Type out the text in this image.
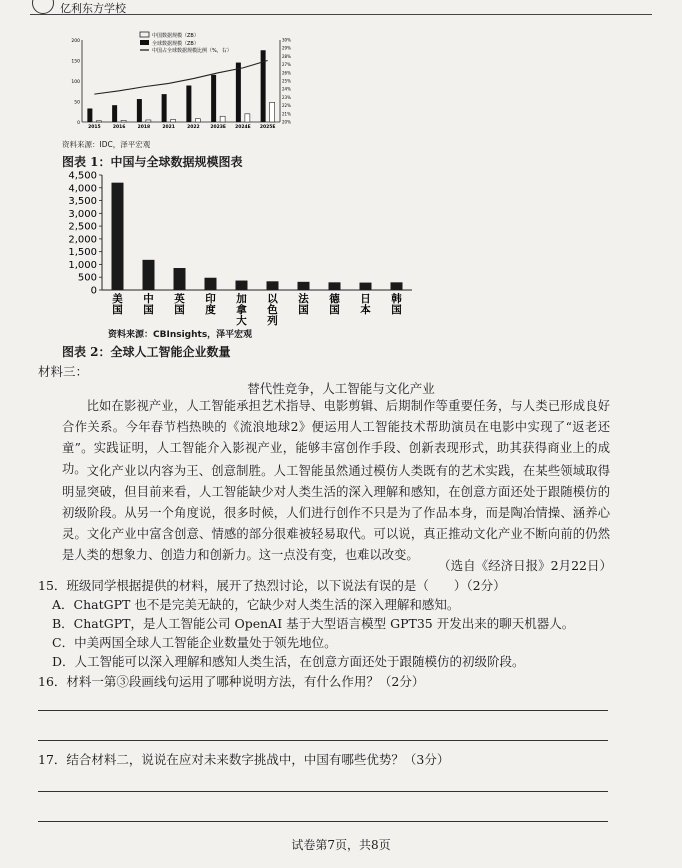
亿利东方学校
中国数据规模（ZB）
全球数据规模（ZB）
中国占全球数据规模比例（%，右）
200
150
100
50
0
30%
29%
28%
27%
26%
25%
24%
23%
22%
21%
20%
2015	2016	2018	2021	2022 2023E 2024E 2025E
资料来源：IDC，泽平宏观
图表 1：中国与全球数据规模图表
4,500
4,000
3,500
3,000
2,500
2,000
1,500
1,000
500
0
美国
中国
英国
印度
加拿大
以色列
法国
德国
日本
韩国
资料来源：CBInsights，泽平宏观
图表 2：全球人工智能企业数量
材料三：
替代性竞争，人工智能与文化产业
比如在影视产业，人工智能承担艺术指导、电影剪辑、后期制作等重要任务，与人类已形成良好合作关系。今年春节档热映的《流浪地球2》便运用人工智能技术帮助演员在电影中实现了“返老还童”。实践证明，人工智能介入影视产业，能够丰富创作手段、创新表现形式，助其获得商业上的成功。 文化产业以内容为王、创意制胜。人工智能虽然通过模仿人类既有的艺术实践，在某些领域取得明显突破，但目前来看，人工智能缺少对人类生活的深入理解和感知，在创意方面还处于跟随模仿的初级阶段。从另一个角度说，很多时候，人们进行创作不只是为了作品本身，而是陶冶情操、涵养心灵。文化产业中富含创意、情感的部分很难被轻易取代。可以说，真正推动文化产业不断向前的仍然是人类的想象力、创造力和创新力。这一点没有变，也难以改变。
（选自《经济日报》2月22日）
15．班级同学根据提供的材料，展开了热烈讨论，以下说法有误的是（　　）（2分）
A．ChatGPT 也不是完美无缺的，它缺少对人类生活的深入理解和感知。
B．ChatGPT，是人工智能公司 OpenAI 基于大型语言模型 GPT35 开发出来的聊天机器人。
C．中美两国全球人工智能企业数量处于领先地位。
D．人工智能可以深入理解和感知人类生活，在创意方面还处于跟随模仿的初级阶段。
16．材料一第③段画线句运用了哪种说明方法，有什么作用？（2分）
17．结合材料二，说说在应对未来数字挑战中，中国有哪些优势？（3分）
试卷第7页，共8页
